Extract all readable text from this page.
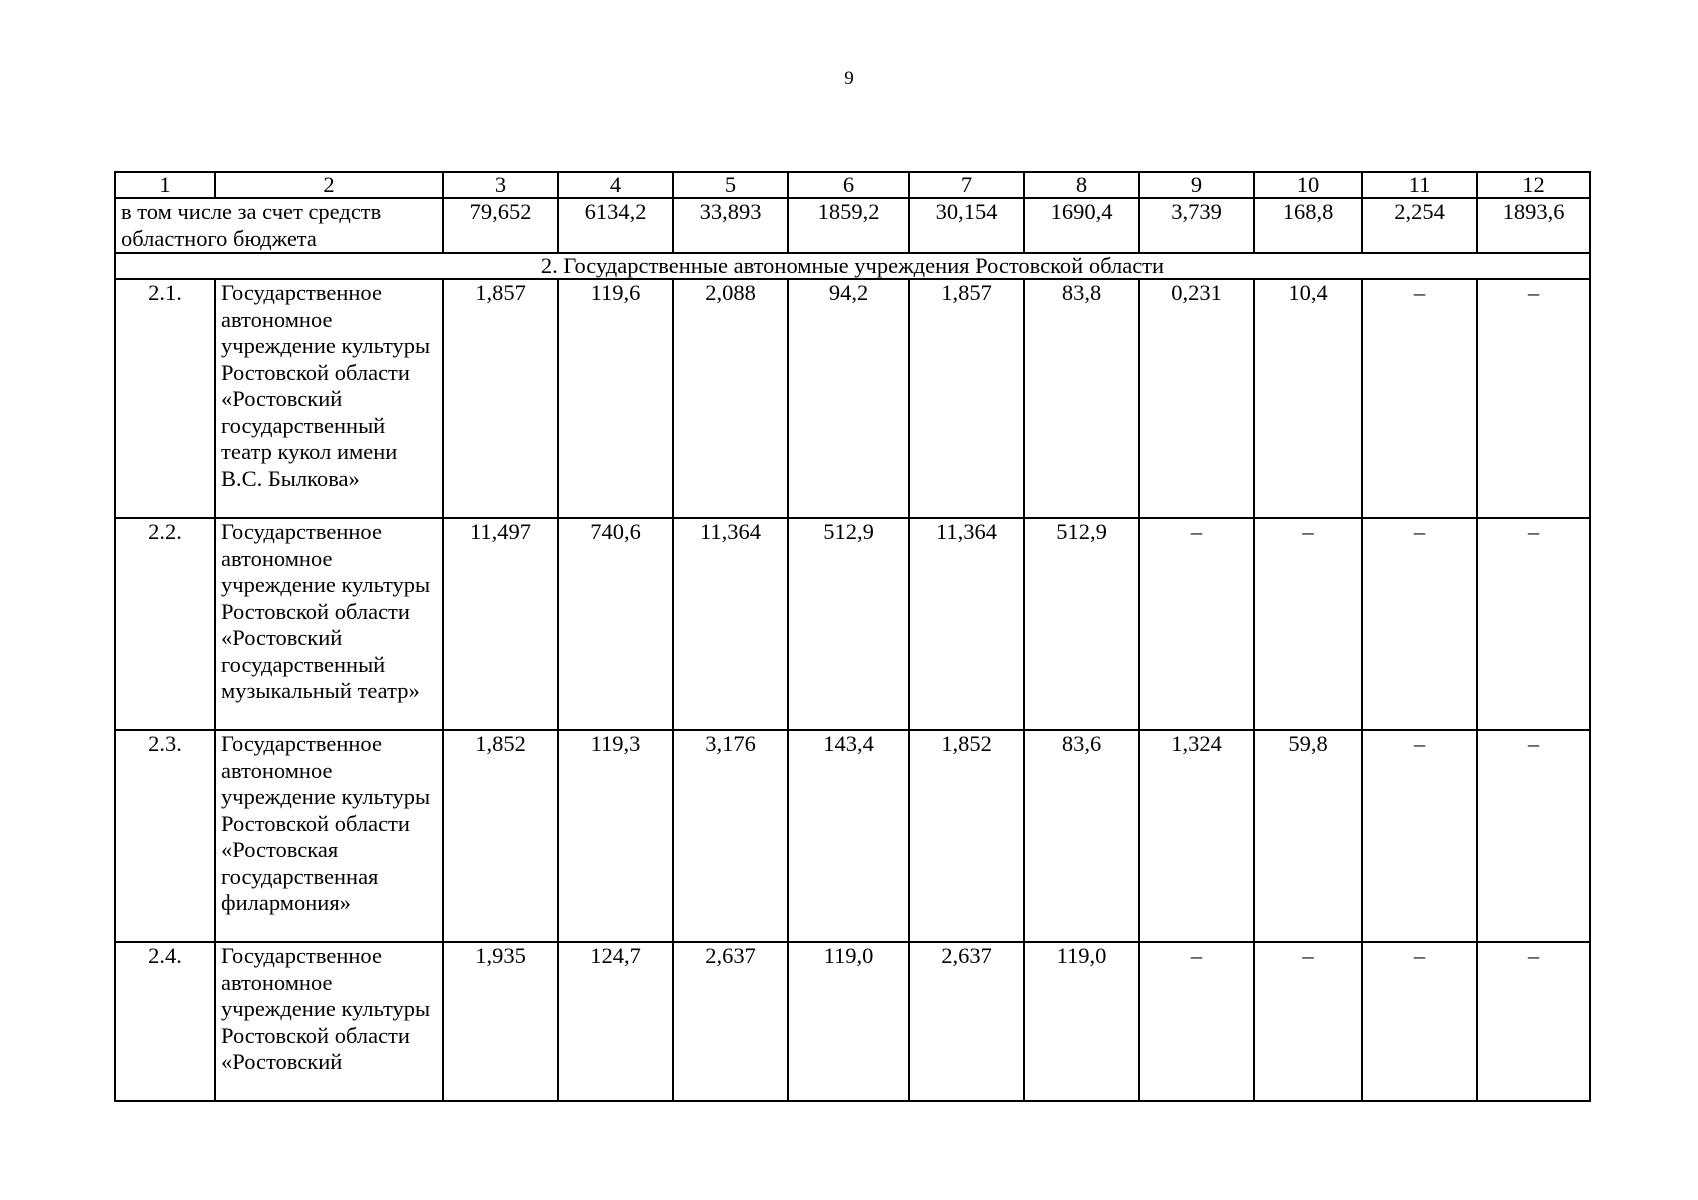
9
1	2	3	4	5	6	7	8	9	10	11	12
в том числе за счет средств областного бюджета		79,652	6134,2	33,893	1859,2	30,154	1690,4	3,739	168,8	2,254	1893,6
2. Государственные автономные учреждения Ростовской области											
2.1.	Государственное автономное учреждение культуры Ростовской области «Ростовский государственный театр кукол имени В.С. Былкова»	1,857	119,6	2,088	94,2	1,857	83,8	0,231	10,4	–	–
2.2.	Государственное автономное учреждение культуры Ростовской области «Ростовский государственный музыкальный театр»	11,497	740,6	11,364	512,9	11,364	512,9	–	–	–	–
2.3.	Государственное автономное учреждение культуры Ростовской области «Ростовская государственная филармония»	1,852	119,3	3,176	143,4	1,852	83,6	1,324	59,8	–	–
2.4.	Государственное автономное учреждение культуры Ростовской области «Ростовский	1,935	124,7	2,637	119,0	2,637	119,0	–	–	–	–
